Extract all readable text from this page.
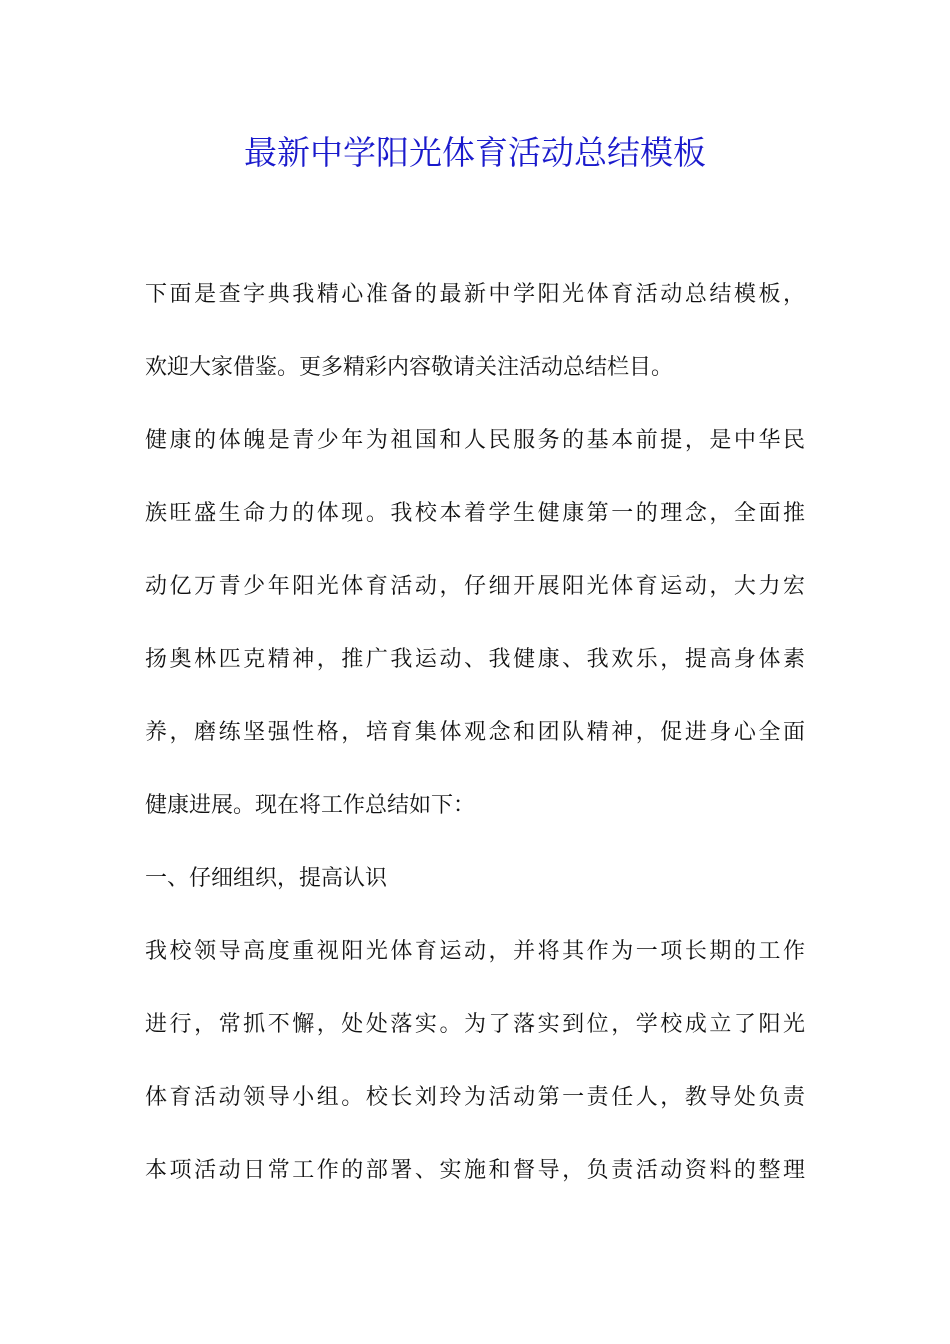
最新中学阳光体育活动总结模板
下面是查字典我精心准备的最新中学阳光体育活动总结模板，
欢迎大家借鉴。更多精彩内容敬请关注活动总结栏目。
健康的体魄是青少年为祖国和人民服务的基本前提，是中华民
族旺盛生命力的体现。我校本着学生健康第一的理念，全面推
动亿万青少年阳光体育活动，仔细开展阳光体育运动，大力宏
扬奥林匹克精神，推广我运动、我健康、我欢乐，提高身体素
养，磨练坚强性格，培育集体观念和团队精神，促进身心全面
健康进展。现在将工作总结如下：
一、仔细组织，提高认识
我校领导高度重视阳光体育运动，并将其作为一项长期的工作
进行，常抓不懈，处处落实。为了落实到位，学校成立了阳光
体育活动领导小组。校长刘玲为活动第一责任人，教导处负责
本项活动日常工作的部署、实施和督导，负责活动资料的整理
